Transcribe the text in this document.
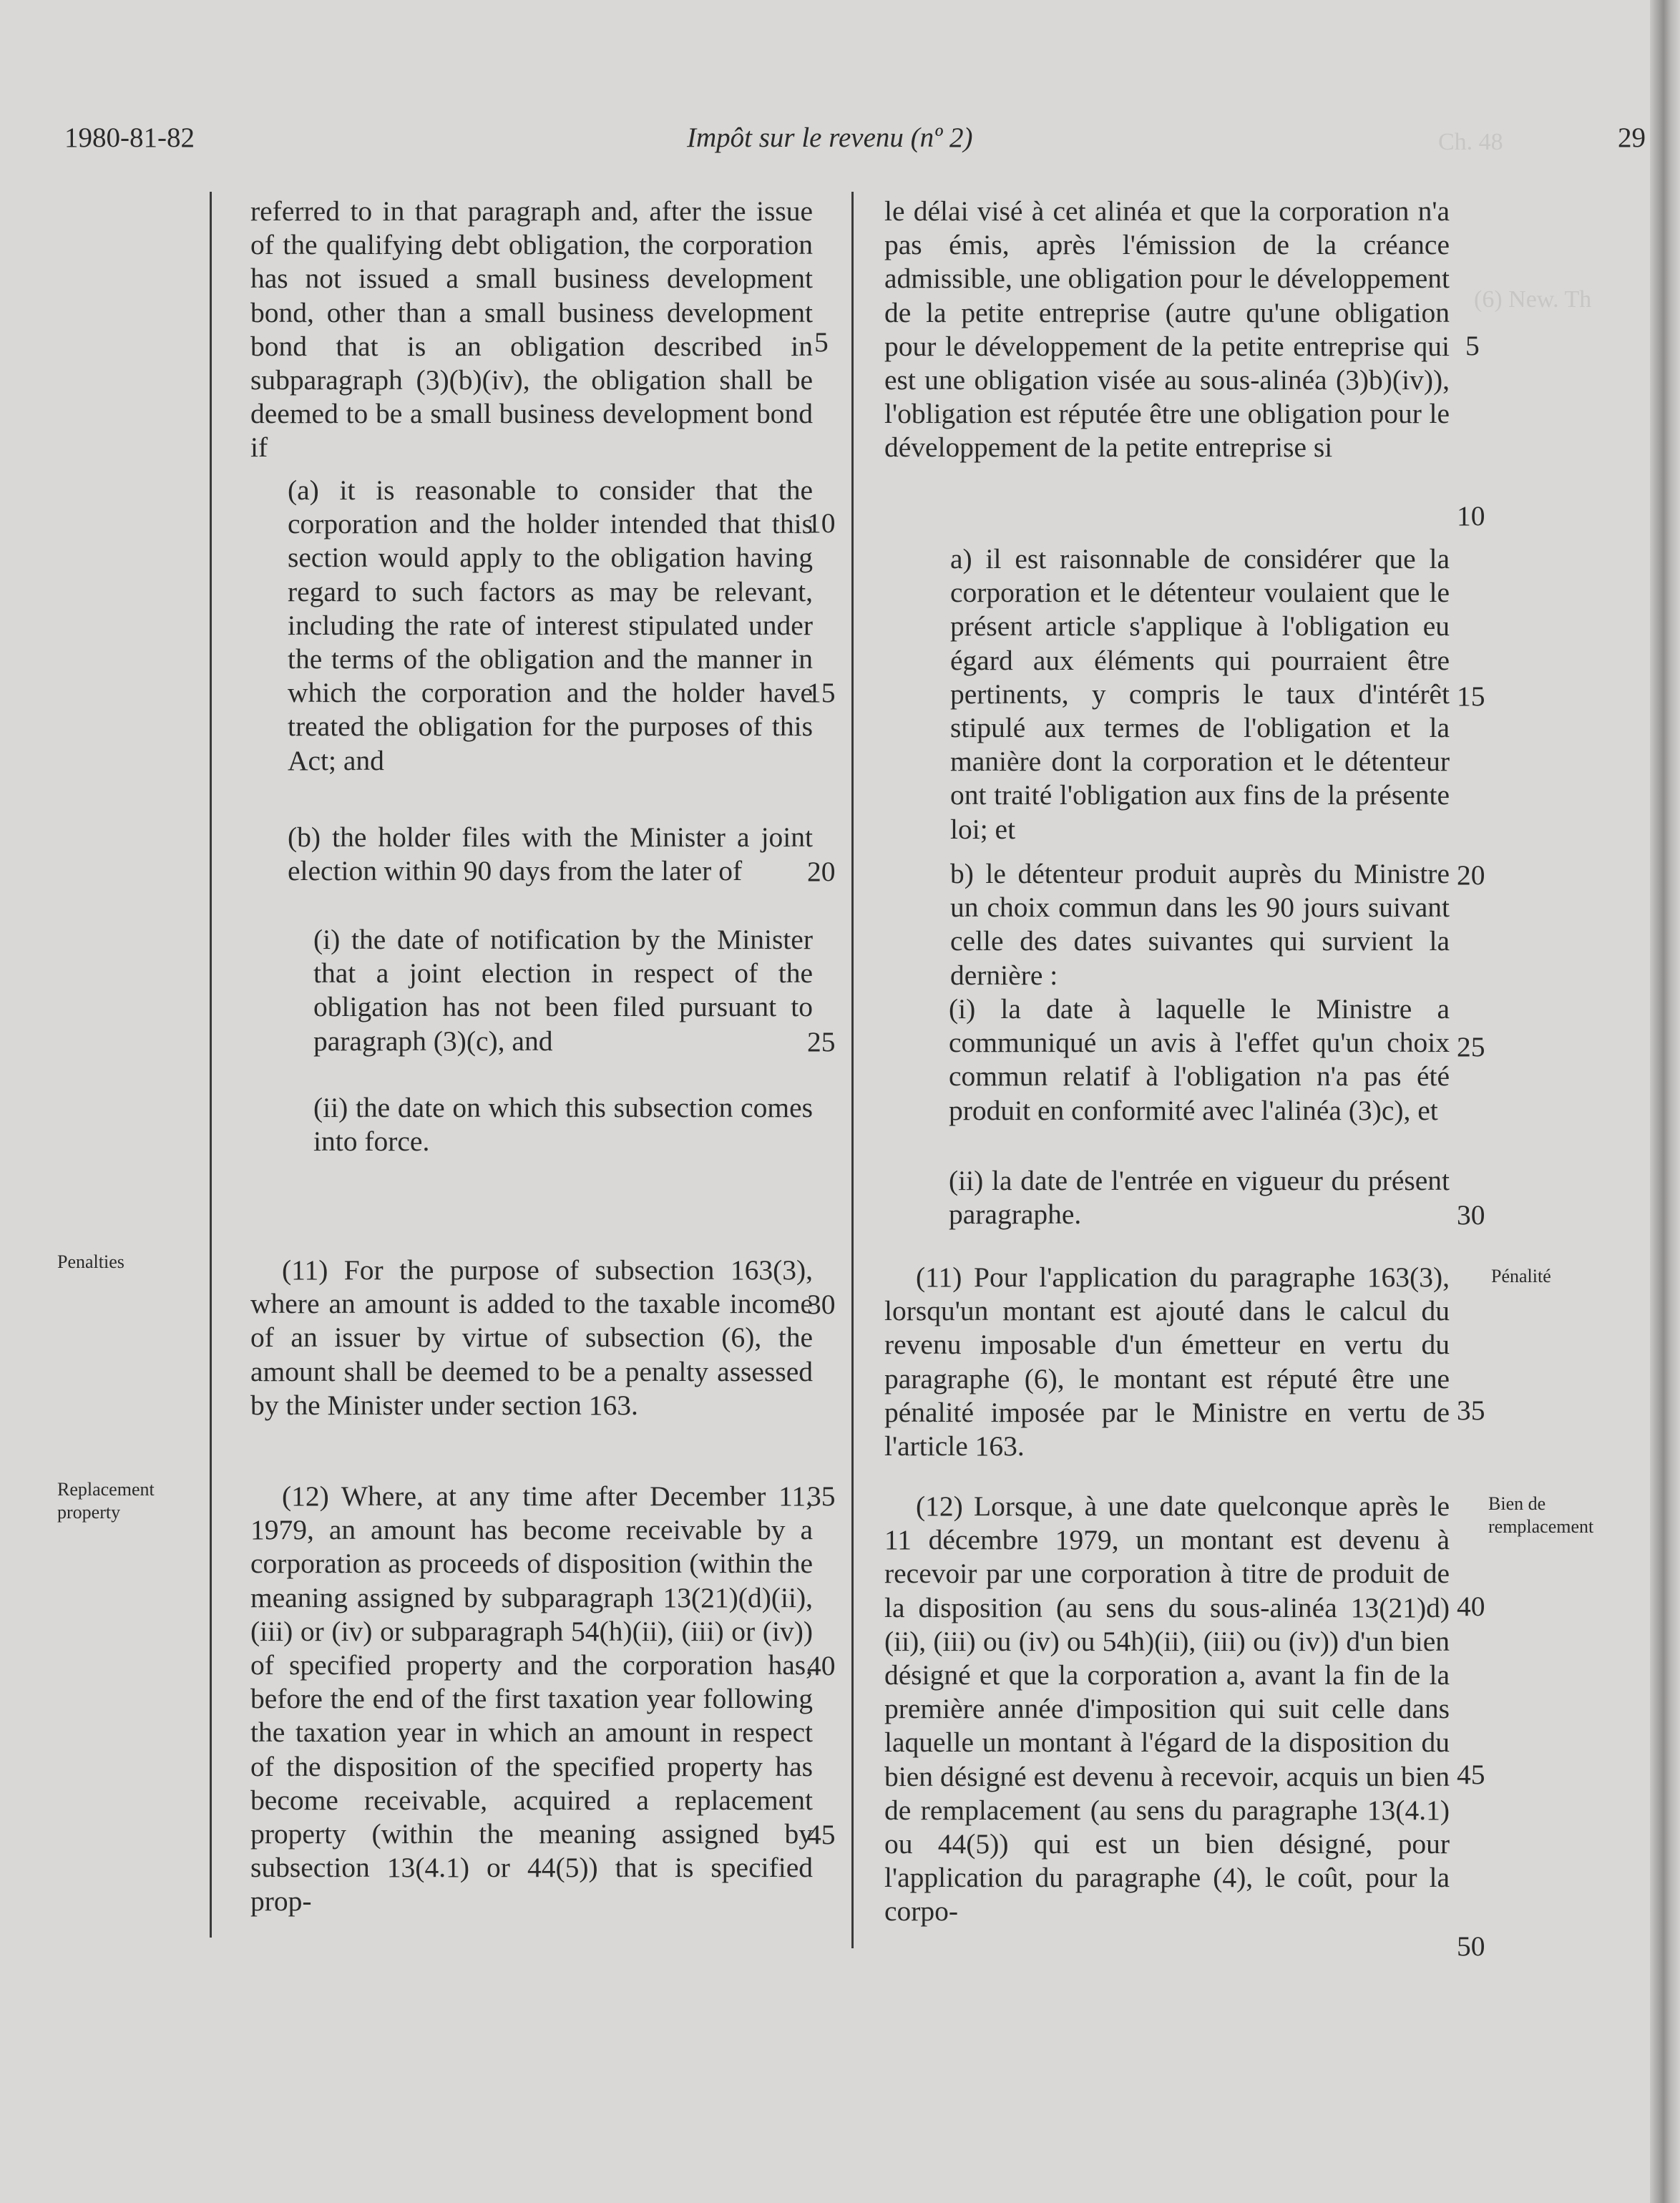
Ch. 48
(6) New. Th
1980-81-82	Impôt sur le revenu (nº 2)	29
Penalties
Replacement property
Pénalité
Bien de remplacement

referred to in that paragraph and, after the issue of the qualifying debt obligation, the corporation has not issued a small business development bond, other than a small business development bond that is an obligation described in subparagraph (3)(b)(iv), the obligation shall be deemed to be a small business development bond if

(a) it is reasonable to consider that the corporation and the holder intended that this section would apply to the obligation having regard to such factors as may be relevant, including the rate of interest stipulated under the terms of the obligation and the manner in which the corporation and the holder have treated the obligation for the purposes of this Act; and

(b) the holder files with the Minister a joint election within 90 days from the later of

(i) the date of notification by the Minister that a joint election in respect of the obligation has not been filed pursuant to paragraph (3)(c), and

(ii) the date on which this subsection comes into force.

(11) For the purpose of subsection 163(3), where an amount is added to the taxable income of an issuer by virtue of subsection (6), the amount shall be deemed to be a penalty assessed by the Minister under section 163.

(12) Where, at any time after December 11, 1979, an amount has become receivable by a corporation as proceeds of disposition (within the meaning assigned by subparagraph 13(21)(d)(ii), (iii) or (iv) or subparagraph 54(h)(ii), (iii) or (iv)) of specified property and the corporation has, before the end of the first taxation year following the taxation year in which an amount in respect of the disposition of the specified property has become receivable, acquired a replacement property (within the meaning assigned by subsection 13(4.1) or 44(5)) that is specified prop-

le délai visé à cet alinéa et que la corporation n'a pas émis, après l'émission de la créance admissible, une obligation pour le développement de la petite entreprise (autre qu'une obligation pour le développement de la petite entreprise qui est une obligation visée au sous-alinéa (3)b)(iv)), l'obligation est réputée être une obligation pour le développement de la petite entreprise si

a) il est raisonnable de considérer que la corporation et le détenteur voulaient que le présent article s'applique à l'obligation eu égard aux éléments qui pourraient être pertinents, y compris le taux d'intérêt stipulé aux termes de l'obligation et la manière dont la corporation et le détenteur ont traité l'obligation aux fins de la présente loi; et

b) le détenteur produit auprès du Ministre un choix commun dans les 90 jours suivant celle des dates suivantes qui survient la dernière :

(i) la date à laquelle le Ministre a communiqué un avis à l'effet qu'un choix commun relatif à l'obligation n'a pas été produit en conformité avec l'alinéa (3)c), et

(ii) la date de l'entrée en vigueur du présent paragraphe.

(11) Pour l'application du paragraphe 163(3), lorsqu'un montant est ajouté dans le calcul du revenu imposable d'un émetteur en vertu du paragraphe (6), le montant est réputé être une pénalité imposée par le Ministre en vertu de l'article 163.

(12) Lorsque, à une date quelconque après le 11 décembre 1979, un montant est devenu à recevoir par une corporation à titre de produit de la disposition (au sens du sous-alinéa 13(21)d)(ii), (iii) ou (iv) ou 54h)(ii), (iii) ou (iv)) d'un bien désigné et que la corporation a, avant la fin de la première année d'imposition qui suit celle dans laquelle un montant à l'égard de la disposition du bien désigné est devenu à recevoir, acquis un bien de remplacement (au sens du paragraphe 13(4.1) ou 44(5)) qui est un bien désigné, pour l'application du paragraphe (4), le coût, pour la corpo-

5
10
15
20
25
30
35
40
45
5
10
15
20
25
30
35
40
45
50
